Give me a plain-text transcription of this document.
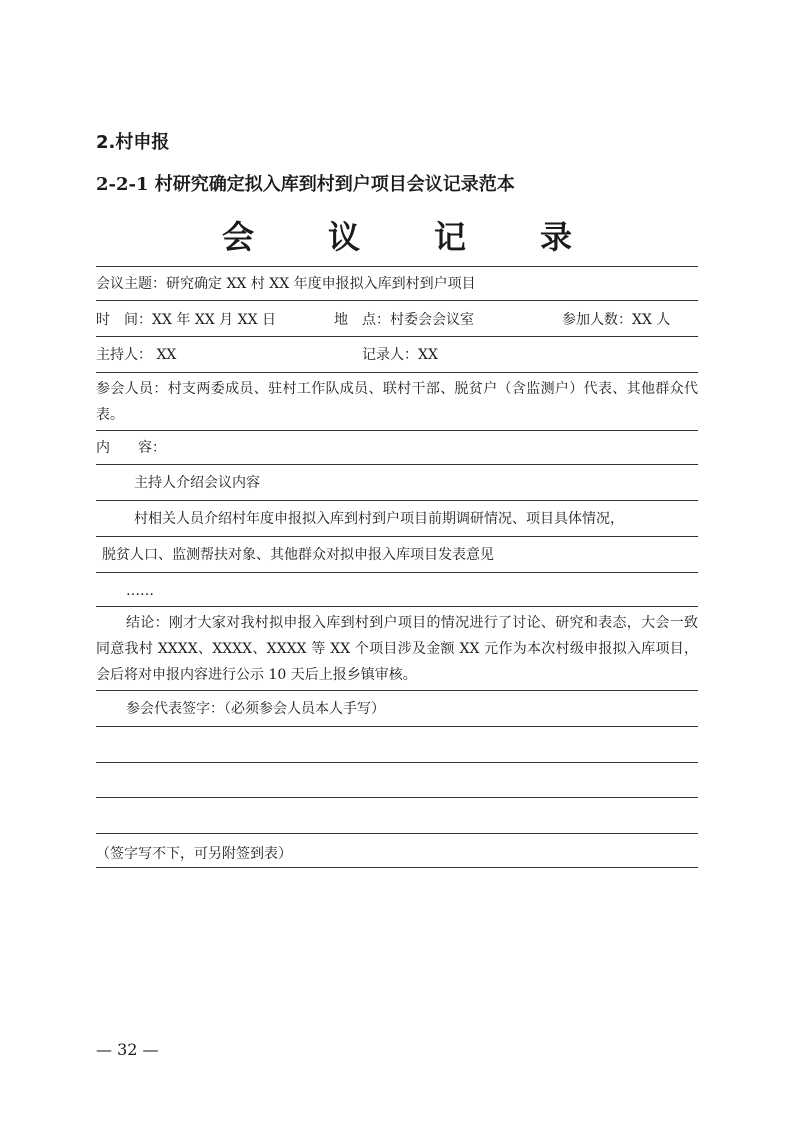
2.村申报
2-2-1 村研究确定拟入库到村到户项目会议记录范本
会 议 记 录
会议主题：研究确定 XX 村 XX 年度申报拟入库到村到户项目
时　间：XX 年 XX 月 XX 日	地　点：村委会会议室	参加人数：XX 人
主持人： XX	记录人：XX
参会人员：村支两委成员、驻村工作队成员、联村干部、脱贫户（含监测户）代表、其他群众代表。
内　　容：
主持人介绍会议内容
村相关人员介绍村年度申报拟入库到村到户项目前期调研情况、项目具体情况，
脱贫人口、监测帮扶对象、其他群众对拟申报入库项目发表意见
……
结论：刚才大家对我村拟申报入库到村到户项目的情况进行了讨论、研究和表态，大会一致同意我村 XXXX、XXXX、XXXX 等 XX 个项目涉及金额 XX 元作为本次村级申报拟入库项目，会后将对申报内容进行公示 10 天后上报乡镇审核。
参会代表签字：（必须参会人员本人手写）
（签字写不下，可另附签到表）
— 32 —
